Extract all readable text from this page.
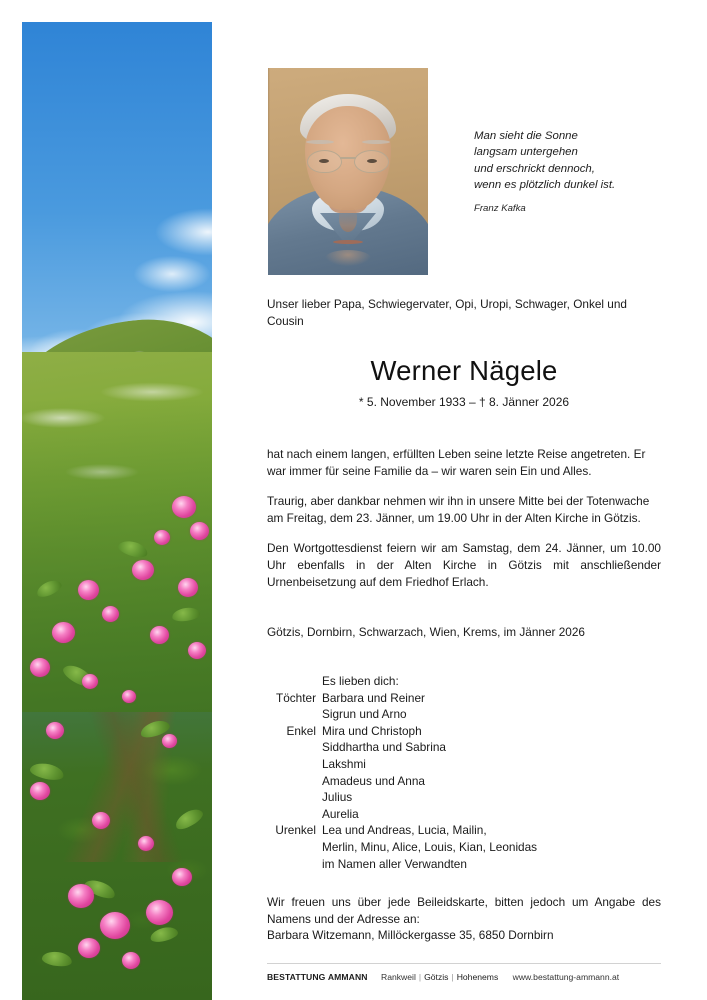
Man sieht die Sonne
langsam untergehen
und erschrickt dennoch,
wenn es plötzlich dunkel ist.
Franz Kafka
Unser lieber Papa, Schwiegervater, Opi, Uropi, Schwager, Onkel und Cousin
Werner Nägele
* 5. November 1933 – † 8. Jänner 2026

hat nach einem langen, erfüllten Leben seine letzte Reise angetreten. Er war immer für seine Familie da – wir waren sein Ein und Alles.

Traurig, aber dankbar nehmen wir ihn in unsere Mitte bei der Totenwache am Freitag, dem 23. Jänner, um 19.00 Uhr in der Alten Kirche in Götzis.

Den Wortgottesdienst feiern wir am Samstag, dem 24. Jänner, um 10.00 Uhr ebenfalls in der Alten Kirche in Götzis mit anschließender Urnenbeisetzung auf dem Friedhof Erlach.

Götzis, Dornbirn, Schwarzach, Wien, Krems, im Jänner 2026
Es lieben dich:
Töchter Barbara und Reiner
Sigrun und Arno
Enkel Mira und Christoph
Siddhartha und Sabrina
Lakshmi
Amadeus und Anna
Julius
Aurelia
Urenkel Lea und Andreas, Lucia, Mailin,
Merlin, Minu, Alice, Louis, Kian, Leonidas
im Namen aller Verwandten
Wir freuen uns über jede Beileidskarte, bitten jedoch um Angabe des Namens und der Adresse an:
Barbara Witzemann, Millöckergasse 35, 6850 Dornbirn
BESTATTUNG AMMANN Rankweil | Götzis | Hohenems www.bestattung-ammann.at
